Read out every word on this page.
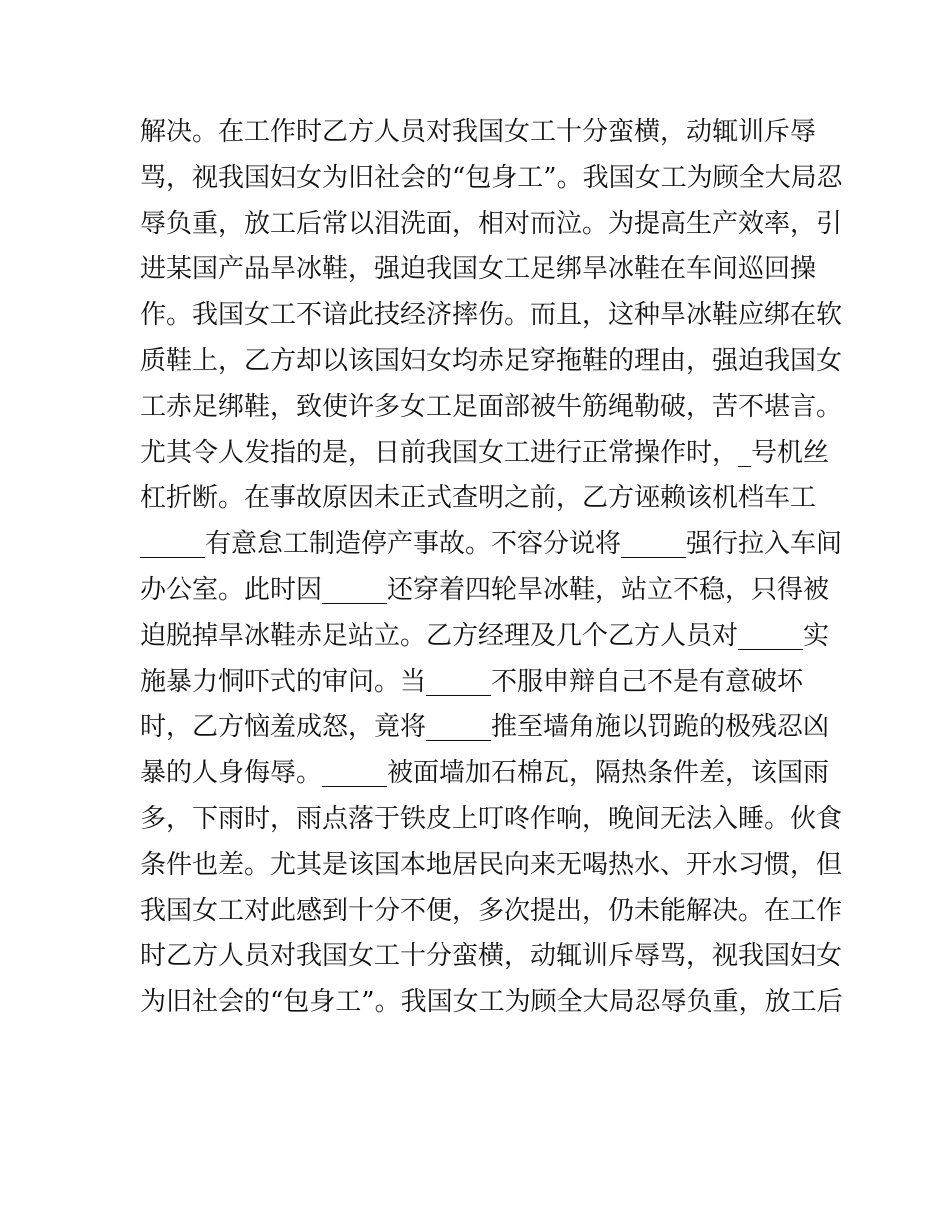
解决。在工作时乙方人员对我国女工十分蛮横，动辄训斥辱
骂，视我国妇女为旧社会的“包身工”。我国女工为顾全大局忍
辱负重，放工后常以泪洗面，相对而泣。为提高生产效率，引
进某国产品旱冰鞋，强迫我国女工足绑旱冰鞋在车间巡回操
作。我国女工不谙此技经济摔伤。而且，这种旱冰鞋应绑在软
质鞋上，乙方却以该国妇女均赤足穿拖鞋的理由，强迫我国女
工赤足绑鞋，致使许多女工足面部被牛筋绳勒破，苦不堪言。
尤其令人发指的是，日前我国女工进行正常操作时，_号机丝
杠折断。在事故原因未正式查明之前，乙方诬赖该机档车工
_____有意怠工制造停产事故。不容分说将_____强行拉入车间
办公室。此时因_____还穿着四轮旱冰鞋，站立不稳，只得被
迫脱掉旱冰鞋赤足站立。乙方经理及几个乙方人员对_____实
施暴力恫吓式的审问。当_____不服申辩自己不是有意破坏
时，乙方恼羞成怒，竟将_____推至墙角施以罚跪的极残忍凶
暴的人身侮辱。_____被面墙加石棉瓦，隔热条件差，该国雨
多，下雨时，雨点落于铁皮上叮咚作响，晚间无法入睡。伙食
条件也差。尤其是该国本地居民向来无喝热水、开水习惯，但
我国女工对此感到十分不便，多次提出，仍未能解决。在工作
时乙方人员对我国女工十分蛮横，动辄训斥辱骂，视我国妇女
为旧社会的“包身工”。我国女工为顾全大局忍辱负重，放工后
